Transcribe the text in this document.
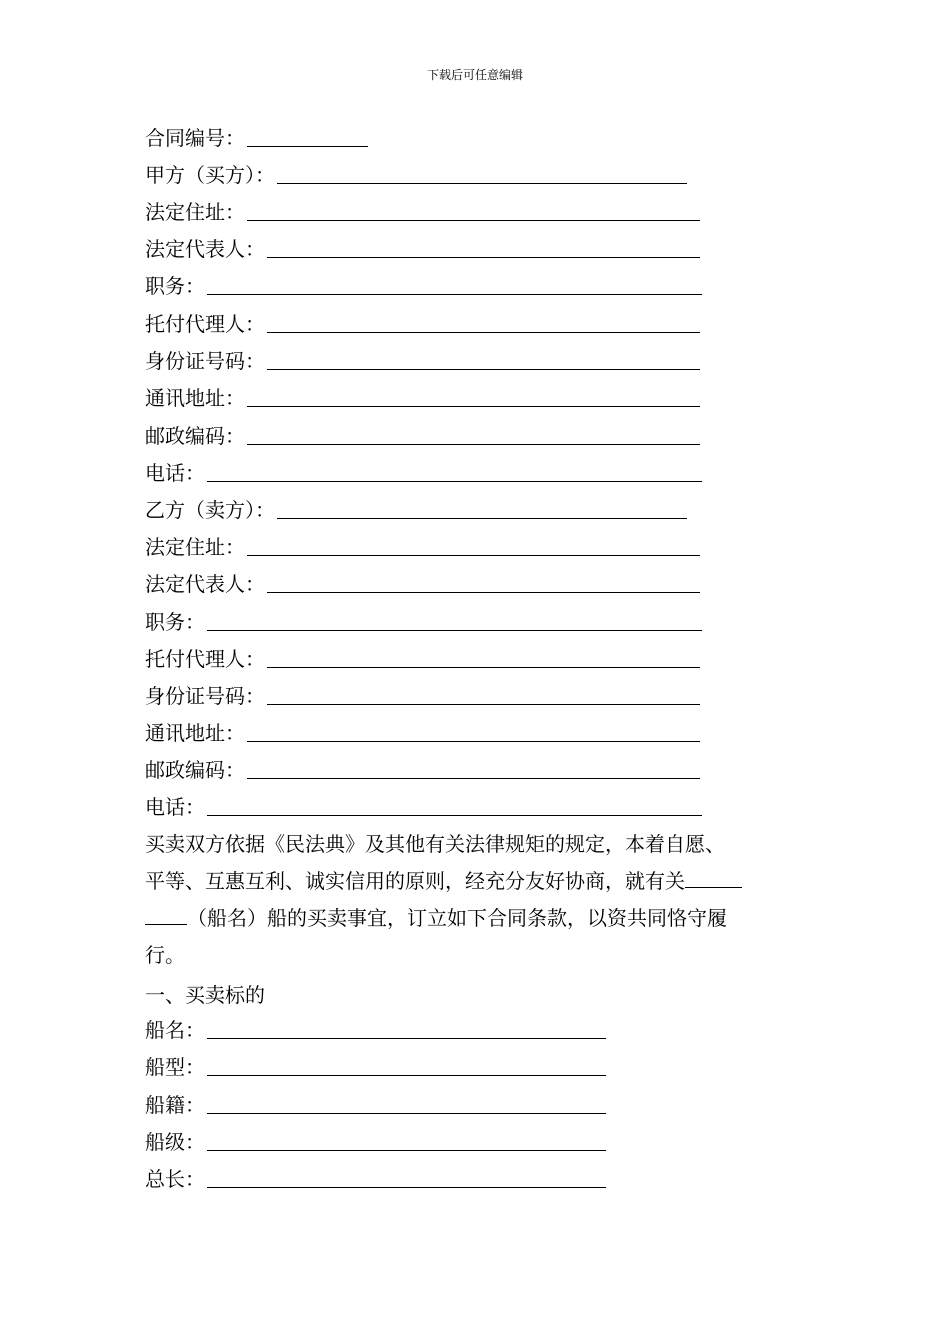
下载后可任意编辑
合同编号：
甲方（买方）：
法定住址：
法定代表人：
职务：
托付代理人：
身份证号码：
通讯地址：
邮政编码：
电话：
乙方（卖方）：
法定住址：
法定代表人：
职务：
托付代理人：
身份证号码：
通讯地址：
邮政编码：
电话：
买卖双方依据《民法典》及其他有关法律规矩的规定，本着自愿、
平等、互惠互利、诚实信用的原则，经充分友好协商，就有关
（船名）船的买卖事宜，订立如下合同条款，以资共同恪守履
行。
一、买卖标的
船名：
船型：
船籍：
船级：
总长：
